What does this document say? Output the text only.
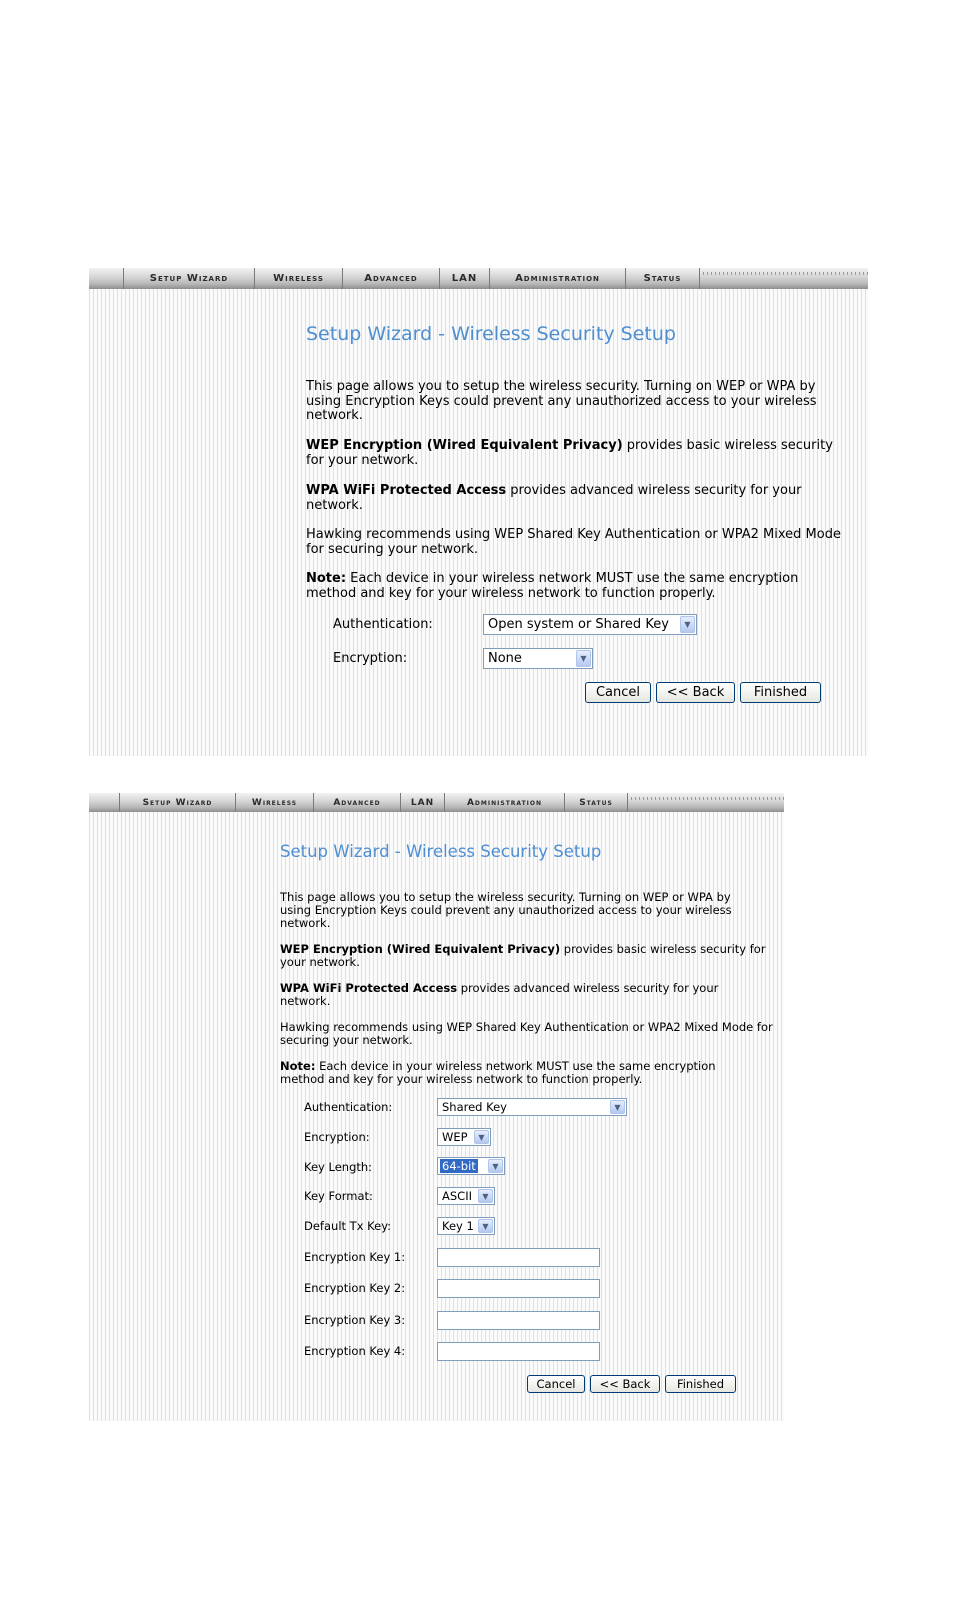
Setup Wizard	Wireless	Advanced	LAN	Administration	Status
Setup Wizard - Wireless Security Setup
This page allows you to setup the wireless security. Turning on WEP or WPA by using Encryption Keys could prevent any unauthorized access to your wireless network.
WEP Encryption (Wired Equivalent Privacy) provides basic wireless security for your network.
WPA WiFi Protected Access provides advanced wireless security for your network.
Hawking recommends using WEP Shared Key Authentication or WPA2 Mixed Mode for securing your network.
Note: Each device in your wireless network MUST use the same encryption method and key for your wireless network to function properly.
Authentication:	Open system or Shared Key	▼
Encryption:	None	▼
Cancel	<< Back	Finished
Setup Wizard	Wireless	Advanced	LAN	Administration	Status
Setup Wizard - Wireless Security Setup
This page allows you to setup the wireless security. Turning on WEP or WPA by using Encryption Keys could prevent any unauthorized access to your wireless network.
WEP Encryption (Wired Equivalent Privacy) provides basic wireless security for your network.
WPA WiFi Protected Access provides advanced wireless security for your network.
Hawking recommends using WEP Shared Key Authentication or WPA2 Mixed Mode for securing your network.
Note: Each device in your wireless network MUST use the same encryption method and key for your wireless network to function properly.
Authentication:	Shared Key	▼
Encryption:	WEP	▼
Key Length:	64-bit	▼
Key Format:	ASCII	▼
Default Tx Key:	Key 1	▼
Encryption Key 1:
Encryption Key 2:
Encryption Key 3:
Encryption Key 4:
Cancel	<< Back	Finished
